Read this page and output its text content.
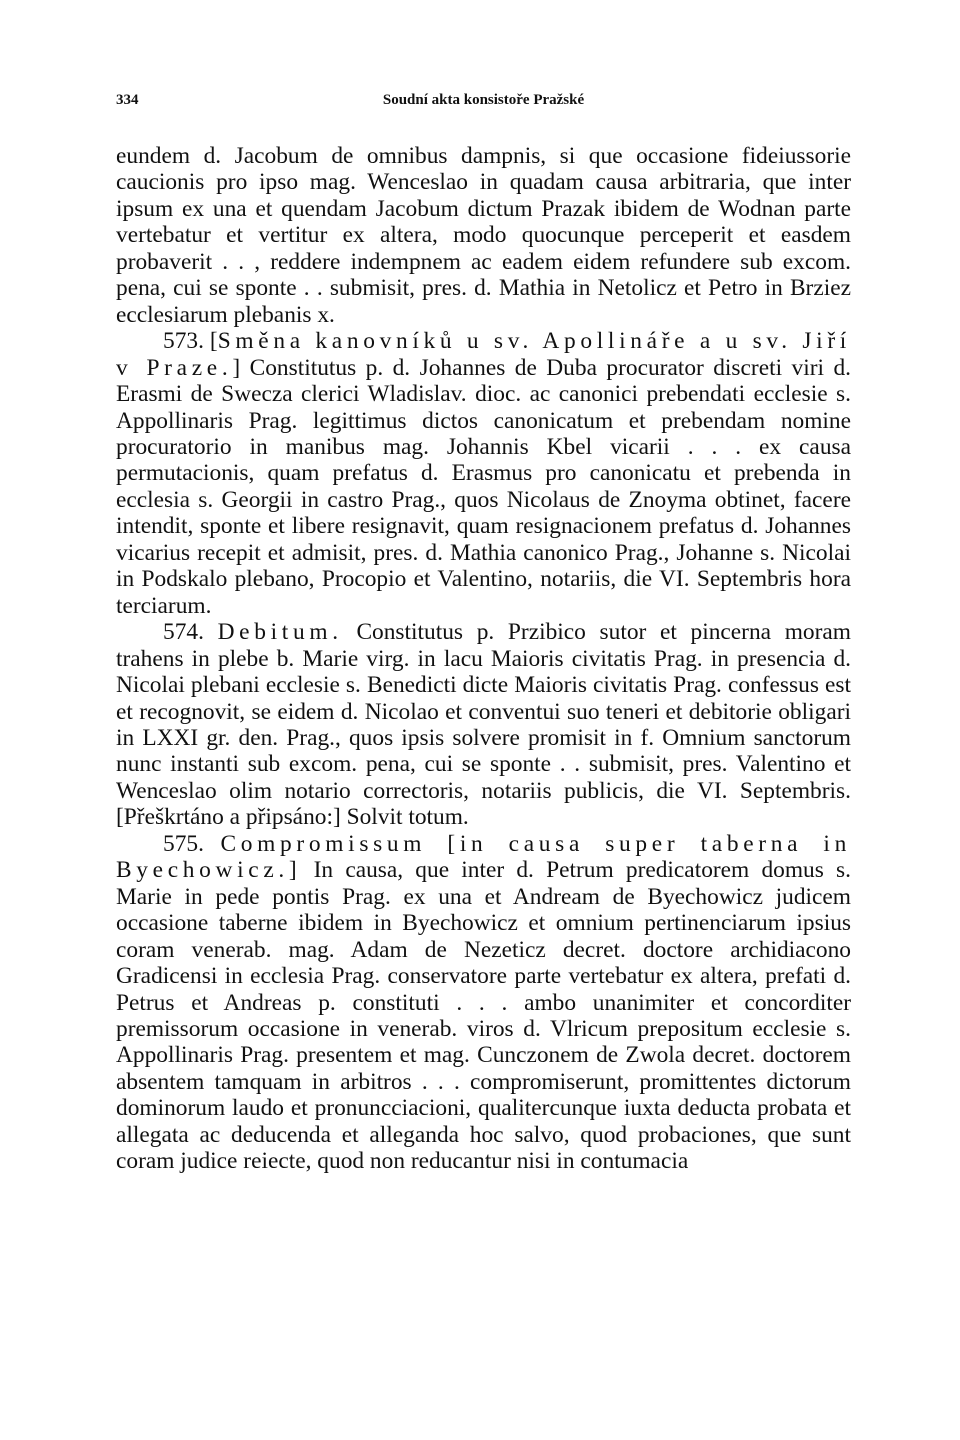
334	Soudní akta konsistoře Pražské

eundem d. Jacobum de omnibus dampnis, si que occasione fideiussorie caucionis pro ipso mag. Wenceslao in quadam causa arbitraria, que inter ipsum ex una et quendam Jacobum dictum Prazak ibidem de Wodnan parte vertebatur et vertitur ex altera, modo quocunque perceperit et easdem probaverit . . , reddere indempnem ac eadem eidem refundere sub excom. pena, cui se sponte . . submisit, pres. d. Mathia in Netolicz et Petro in Brziez ecclesiarum plebanis x.

573. [Směna kanovníků u sv. Apollináře a u sv. Jiří v Praze.] Constitutus p. d. Johannes de Duba procurator discreti viri d. Erasmi de Swecza clerici Wladislav. dioc. ac canonici prebendati ecclesie s. Appollinaris Prag. legittimus dictos canonicatum et prebendam nomine procuratorio in manibus mag. Johannis Kbel vicarii . . . ex causa permutacionis, quam prefatus d. Erasmus pro canonicatu et prebenda in ecclesia s. Georgii in castro Prag., quos Nicolaus de Znoyma obtinet, facere intendit, sponte et libere resignavit, quam resignacionem prefatus d. Johannes vicarius recepit et admisit, pres. d. Mathia canonico Prag., Johanne s. Nicolai in Podskalo plebano, Procopio et Valentino, notariis, die VI. Septembris hora terciarum.

574. Debitum. Constitutus p. Przibico sutor et pincerna moram trahens in plebe b. Marie virg. in lacu Maioris civitatis Prag. in presencia d. Nicolai plebani ecclesie s. Benedicti dicte Maioris civitatis Prag. confessus est et recognovit, se eidem d. Nicolao et conventui suo teneri et debitorie obligari in LXXI gr. den. Prag., quos ipsis solvere promisit in f. Omnium sanctorum nunc instanti sub excom. pena, cui se sponte . . submisit, pres. Valentino et Wenceslao olim notario correctoris, notariis publicis, die VI. Septembris. [Přeškrtáno a připsáno:] Solvit totum.

575. Compromissum [in causa super taberna in Byechowicz.] In causa, que inter d. Petrum predicatorem domus s. Marie in pede pontis Prag. ex una et Andream de Byechowicz judicem occasione taberne ibidem in Byechowicz et omnium pertinenciarum ipsius coram venerab. mag. Adam de Nezeticz decret. doctore archidiacono Gradicensi in ecclesia Prag. conservatore parte vertebatur ex altera, prefati d. Petrus et Andreas p. constituti . . . ambo unanimiter et concorditer premissorum occasione in venerab. viros d. Vlricum prepositum ecclesie s. Appollinaris Prag. presentem et mag. Cunczonem de Zwola decret. doctorem absentem tamquam in arbitros . . . compromiserunt, promittentes dictorum dominorum laudo et pronuncciacioni, qualitercunque iuxta deducta probata et allegata ac deducenda et alleganda hoc salvo, quod probaciones, que sunt coram judice reiecte, quod non reducantur nisi in contumacia
